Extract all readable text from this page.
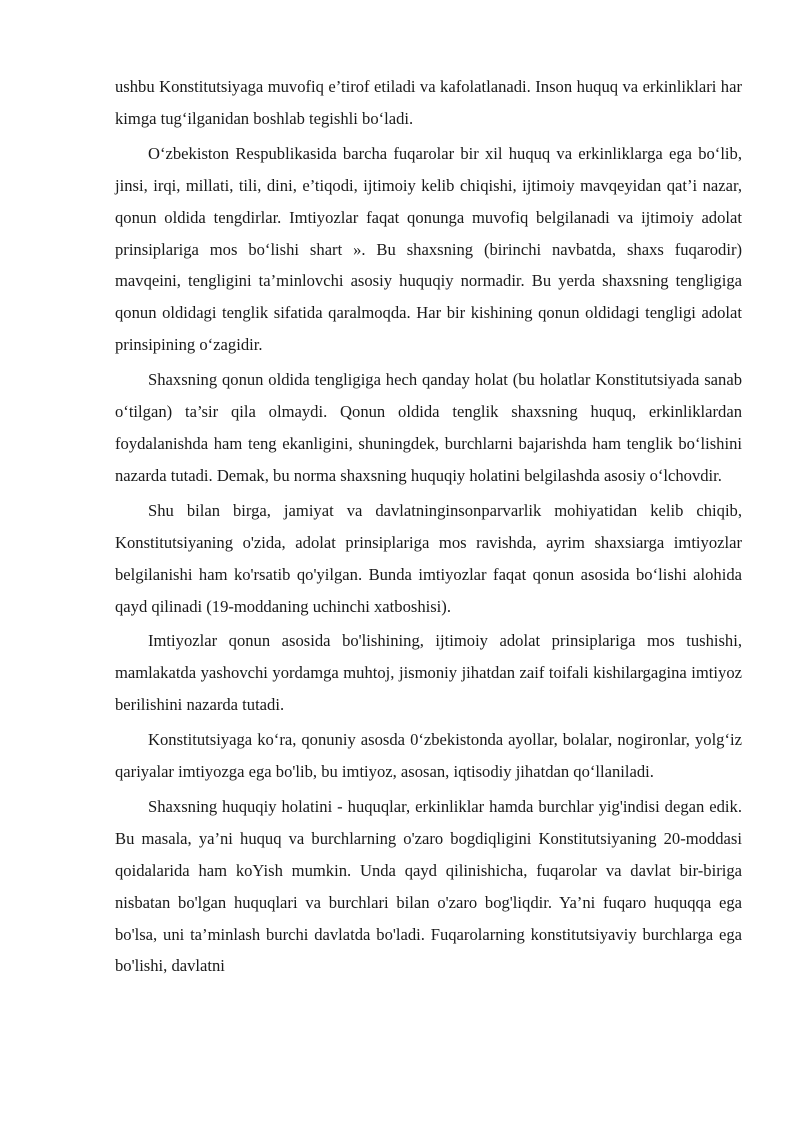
ushbu Konstitutsiyaga muvofiq e’tirof etiladi va kafolatlanadi. Inson huquq va erkinliklari har kimga tug‘ilganidan boshlab tegishli bo‘ladi.

O‘zbekiston Respublikasida barcha fuqarolar bir xil huquq va erkinliklarga ega bo‘lib, jinsi, irqi, millati, tili, dini, e’tiqodi, ijtimoiy kelib chiqishi, ijtimoiy mavqeyidan qat’i nazar, qonun oldida tengdirlar. Imtiyozlar faqat qonunga muvofiq belgilanadi va ijtimoiy adolat prinsiplariga mos bo‘lishi shart ». Bu shaxsning (birinchi navbatda, shaxs fuqarodir) mavqeini, tengligini ta’minlovchi asosiy huquqiy normadir. Bu yerda shaxsning tengligiga qonun oldidagi tenglik sifatida qaralmoqda. Har bir kishining qonun oldidagi tengligi adolat prinsipining o‘zagidir.

Shaxsning qonun oldida tengligiga hech qanday holat (bu holatlar Konstitutsiyada sanab o‘tilgan) ta’sir qila olmaydi. Qonun oldida tenglik shaxsning huquq, erkinliklardan foydalanishda ham teng ekanligini, shuningdek, burchlarni bajarishda ham tenglik bo‘lishini nazarda tutadi. Demak, bu norma shaxsning huquqiy holatini belgilashda asosiy o‘lchovdir.

Shu bilan birga, jamiyat va davlatninginsonparvarlik mohiyatidan kelib chiqib, Konstitutsiyaning o'zida, adolat prinsiplariga mos ravishda, ayrim shaxsiarga imtiyozlar belgilanishi ham ko'rsatib qo'yilgan. Bunda imtiyozlar faqat qonun asosida bo‘lishi alohida qayd qilinadi (19-moddaning uchinchi xatboshisi).

Imtiyozlar qonun asosida bo'lishining, ijtimoiy adolat prinsiplariga mos tushishi, mamlakatda yashovchi yordamga muhtoj, jismoniy jihatdan zaif toifali kishilargagina imtiyoz berilishini nazarda tutadi.

Konstitutsiyaga ko‘ra, qonuniy asosda 0‘zbekistonda ayollar, bolalar, nogironlar, yolg‘iz qariyalar imtiyozga ega bo'lib, bu imtiyoz, asosan, iqtisodiy jihatdan qo‘llaniladi.

Shaxsning huquqiy holatini - huquqlar, erkinliklar hamda burchlar yig'indisi degan edik. Bu masala, ya’ni huquq va burchlarning o'zaro bogdiqligini Konstitutsiyaning 20-moddasi qoidalarida ham koYish mumkin. Unda qayd qilinishicha, fuqarolar va davlat bir-biriga nisbatan bo'lgan huquqlari va burchlari bilan o'zaro bog'liqdir. Ya’ni fuqaro huquqqa ega bo'lsa, uni ta’minlash burchi davlatda bo'ladi. Fuqarolarning konstitutsiyaviy burchlarga ega bo'lishi, davlatni
